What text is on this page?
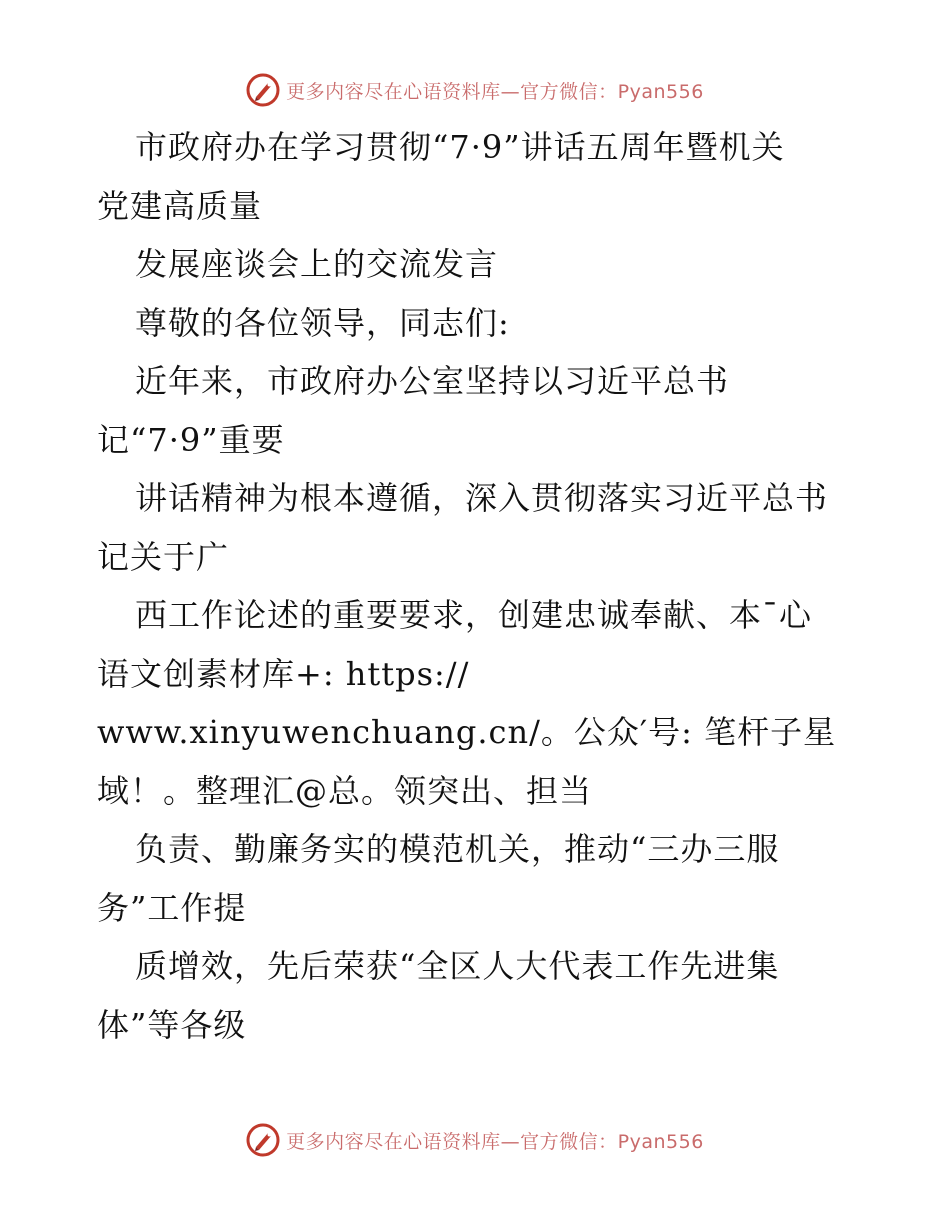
更多内容尽在心语资料库—官方微信：Pyan556
市政府办在学习贯彻“7·9”讲话五周年暨机关
党建高质量
发展座谈会上的交流发言
尊敬的各位领导，同志们:
近年来，市政府办公室坚持以习近平总书
记“7·9”重要
讲话精神为根本遵循，深入贯彻落实习近平总书
记关于广
西工作论述的重要要求，创建忠诚奉献、本¯心
语文创素材库+: https://
www.xinyuwenchuang.cn/。公众′号: 笔杆子星
域！。整理汇@总。领突出、担当
负责、勤廉务实的模范机关，推动“三办三服
务”工作提
质增效，先后荣获“全区人大代表工作先进集
体”等各级
更多内容尽在心语资料库—官方微信：Pyan556
